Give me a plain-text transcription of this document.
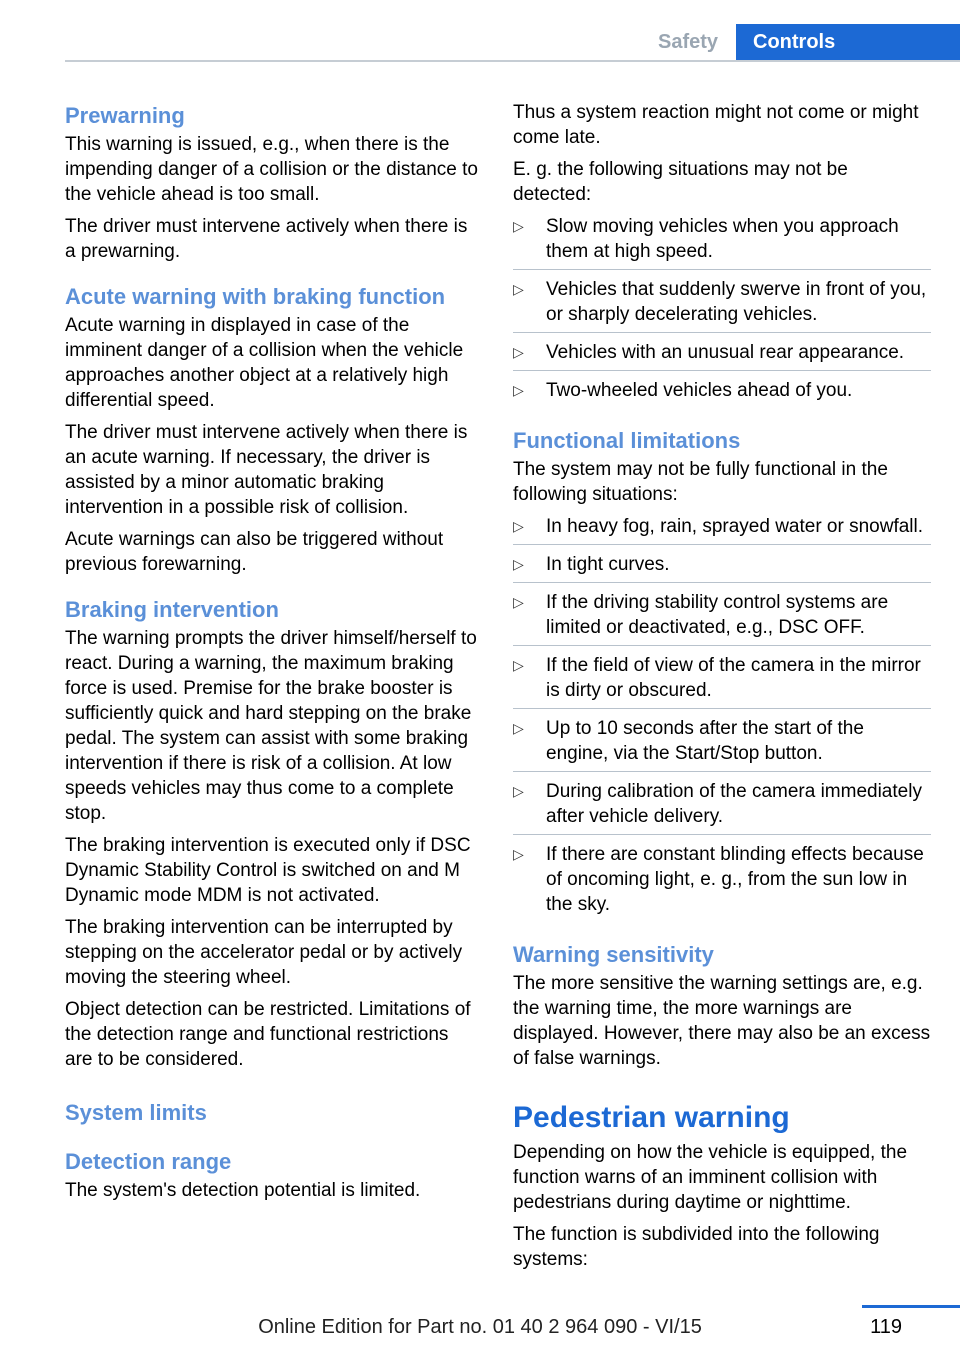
Safety	Controls
Prewarning

This warning is issued, e.g., when there is the impending danger of a collision or the distance to the vehicle ahead is too small.

The driver must intervene actively when there is a prewarning.

Acute warning with braking function

Acute warning in displayed in case of the imminent danger of a collision when the vehicle approaches another object at a relatively high differential speed.

The driver must intervene actively when there is an acute warning. If necessary, the driver is assisted by a minor automatic braking intervention in a possible risk of collision.

Acute warnings can also be triggered without previous forewarning.

Braking intervention

The warning prompts the driver himself/herself to react. During a warning, the maximum braking force is used. Premise for the brake booster is sufficiently quick and hard stepping on the brake pedal. The system can assist with some braking intervention if there is risk of a collision. At low speeds vehicles may thus come to a complete stop.

The braking intervention is executed only if DSC Dynamic Stability Control is switched on and M Dynamic mode MDM is not activated.

The braking intervention can be interrupted by stepping on the accelerator pedal or by actively moving the steering wheel.

Object detection can be restricted. Limitations of the detection range and functional restrictions are to be considered.

System limits
Detection range

The system's detection potential is limited.

Thus a system reaction might not come or might come late.

E. g. the following situations may not be detected:

▷ Slow moving vehicles when you approach them at high speed.
▷ Vehicles that suddenly swerve in front of you, or sharply decelerating vehicles.
▷ Vehicles with an unusual rear appearance.
▷ Two-wheeled vehicles ahead of you.
Functional limitations

The system may not be fully functional in the following situations:

▷ In heavy fog, rain, sprayed water or snowfall.
▷ In tight curves.
▷ If the driving stability control systems are limited or deactivated, e.g., DSC OFF.
▷ If the field of view of the camera in the mirror is dirty or obscured.
▷ Up to 10 seconds after the start of the engine, via the Start/Stop button.
▷ During calibration of the camera immediately after vehicle delivery.
▷ If there are constant blinding effects because of oncoming light, e. g., from the sun low in the sky.
Warning sensitivity

The more sensitive the warning settings are, e.g. the warning time, the more warnings are displayed. However, there may also be an excess of false warnings.

Pedestrian warning

Depending on how the vehicle is equipped, the function warns of an imminent collision with pedestrians during daytime or nighttime.

The function is subdivided into the following systems:

119
Online Edition for Part no. 01 40 2 964 090 - VI/15
